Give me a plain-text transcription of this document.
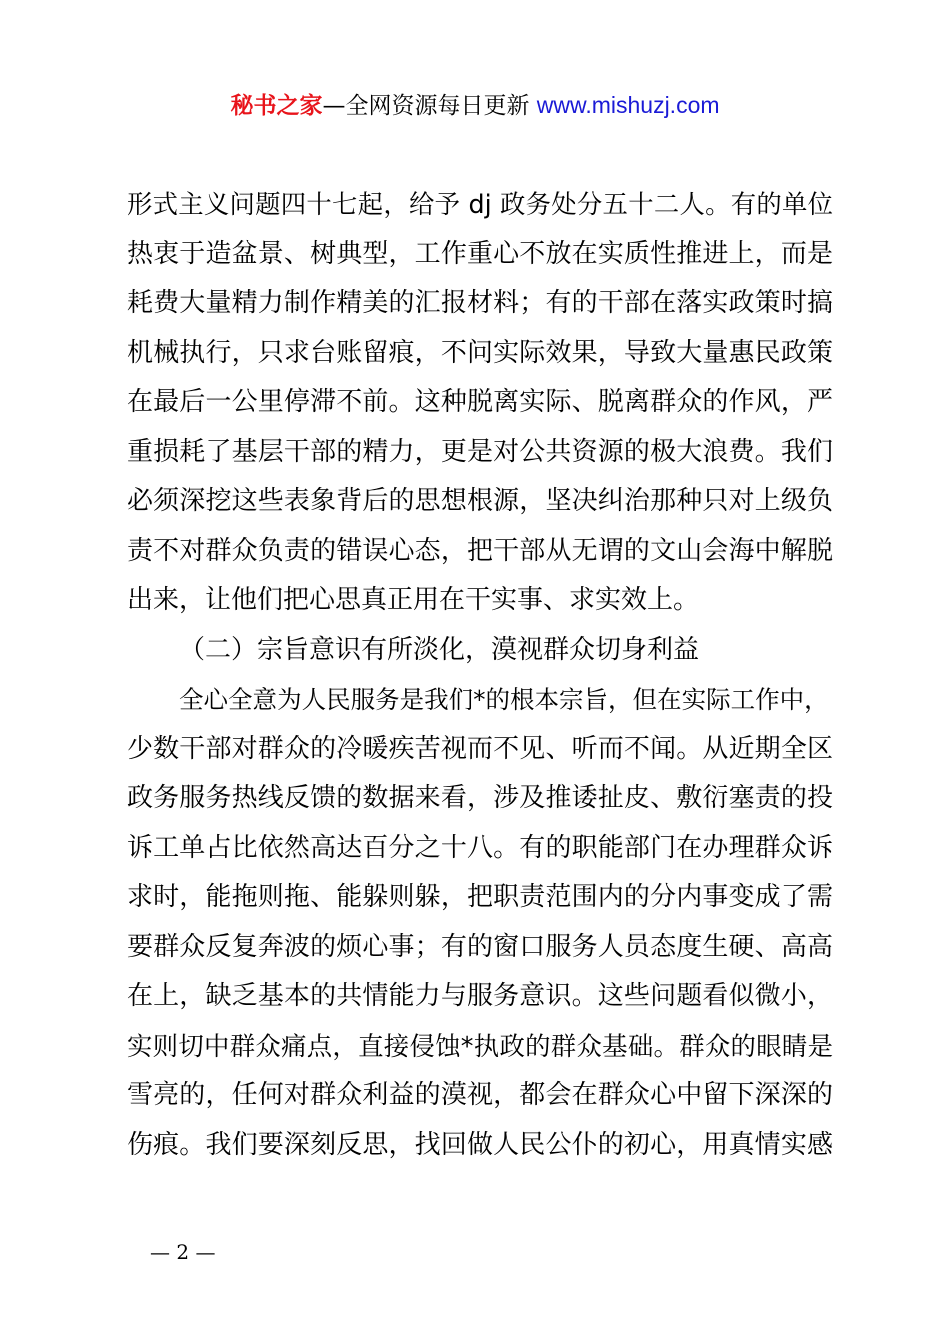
秘书之家—全网资源每日更新 www.mishuzj.com
形式主义问题四十七起，给予 dj 政务处分五十二人。有的单位
热衷于造盆景、树典型，工作重心不放在实质性推进上，而是
耗费大量精力制作精美的汇报材料；有的干部在落实政策时搞
机械执行，只求台账留痕，不问实际效果，导致大量惠民政策
在最后一公里停滞不前。这种脱离实际、脱离群众的作风，严
重损耗了基层干部的精力，更是对公共资源的极大浪费。我们
必须深挖这些表象背后的思想根源，坚决纠治那种只对上级负
责不对群众负责的错误心态，把干部从无谓的文山会海中解脱
出来，让他们把心思真正用在干实事、求实效上。
（二）宗旨意识有所淡化，漠视群众切身利益
全心全意为人民服务是我们*的根本宗旨，但在实际工作中，
少数干部对群众的冷暖疾苦视而不见、听而不闻。从近期全区
政务服务热线反馈的数据来看，涉及推诿扯皮、敷衍塞责的投
诉工单占比依然高达百分之十八。有的职能部门在办理群众诉
求时，能拖则拖、能躲则躲，把职责范围内的分内事变成了需
要群众反复奔波的烦心事；有的窗口服务人员态度生硬、高高
在上，缺乏基本的共情能力与服务意识。这些问题看似微小，
实则切中群众痛点，直接侵蚀*执政的群众基础。群众的眼睛是
雪亮的，任何对群众利益的漠视，都会在群众心中留下深深的
伤痕。我们要深刻反思，找回做人民公仆的初心，用真情实感
— 2 —
